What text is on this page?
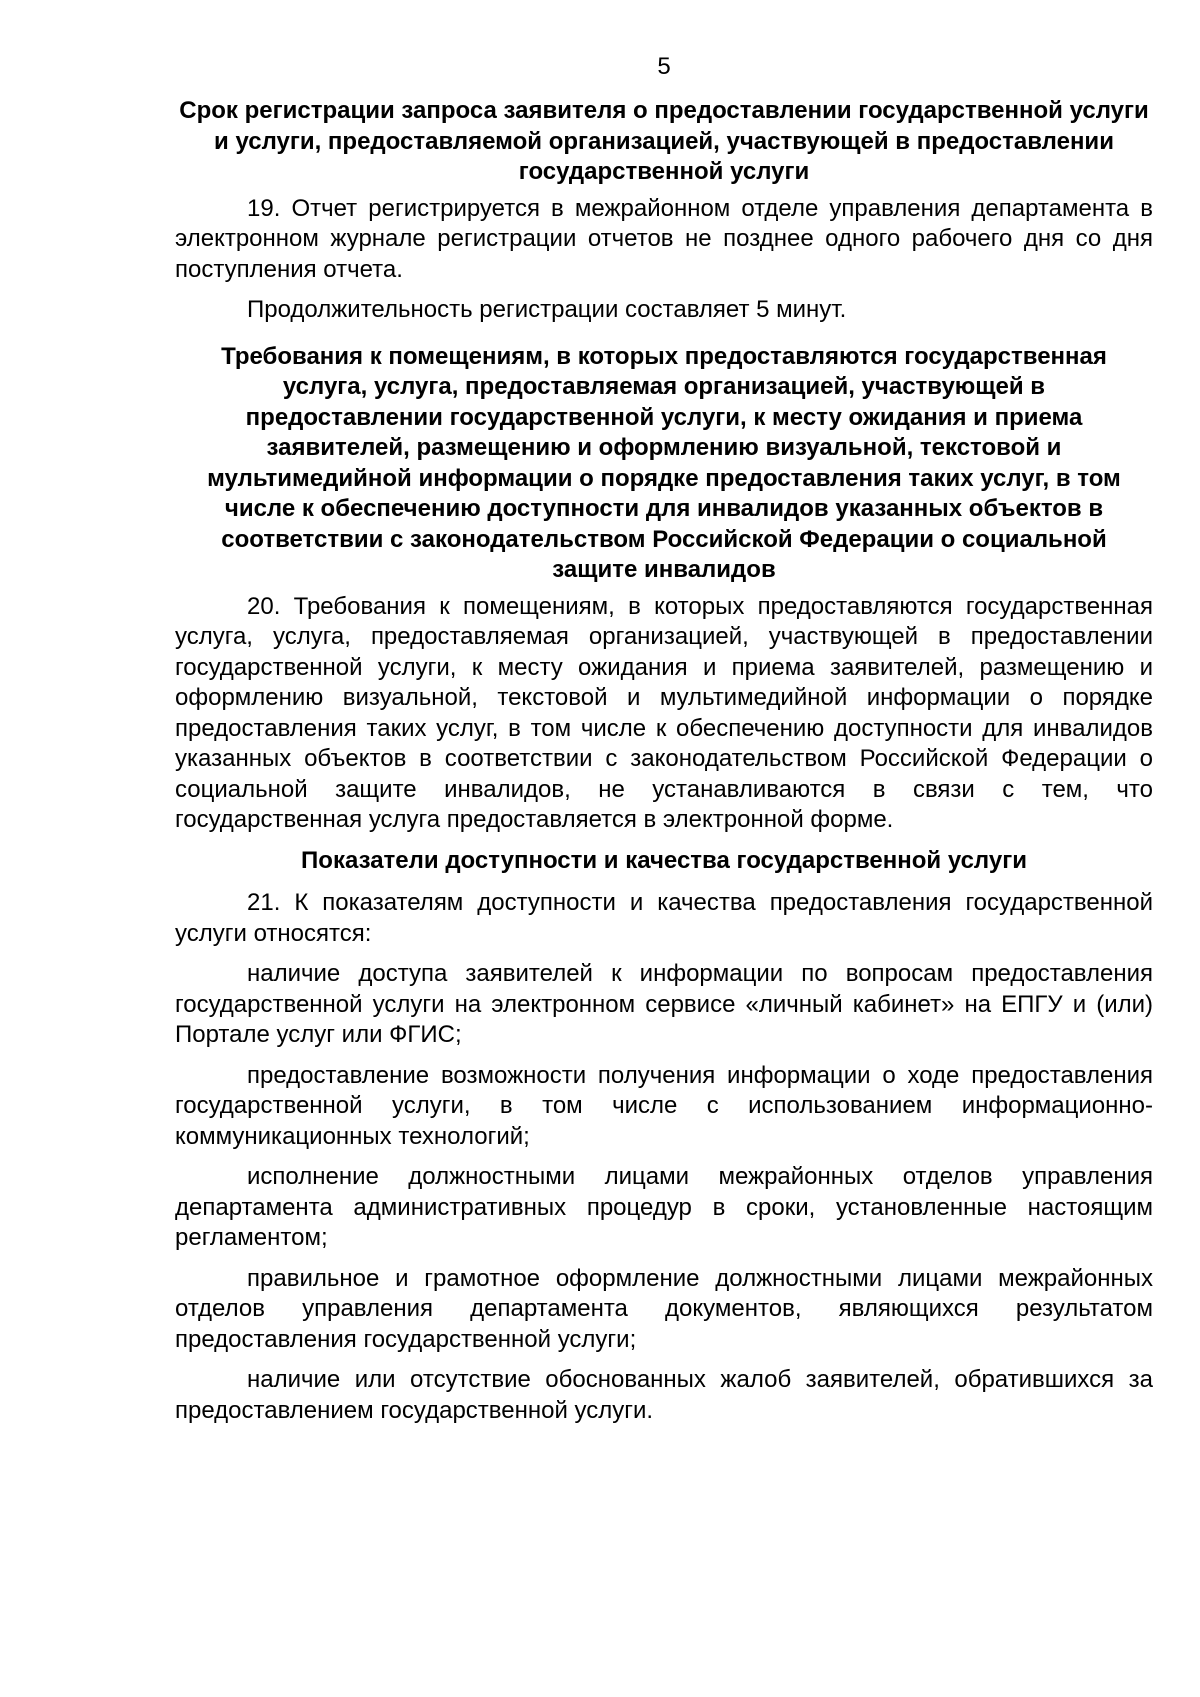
5
Срок регистрации запроса заявителя о предоставлении государственной услуги и услуги, предоставляемой организацией, участвующей в предоставлении государственной услуги

19. Отчет регистрируется в межрайонном отделе управления департамента в электронном журнале регистрации отчетов не позднее одного рабочего дня со дня поступления отчета.

Продолжительность регистрации составляет 5 минут.

Требования к помещениям, в которых предоставляются государственная услуга, услуга, предоставляемая организацией, участвующей в предоставлении государственной услуги, к месту ожидания и приема заявителей, размещению и оформлению визуальной, текстовой и мультимедийной информации о порядке предоставления таких услуг, в том числе к обеспечению доступности для инвалидов указанных объектов в соответствии с законодательством Российской Федерации о социальной защите инвалидов

20. Требования к помещениям, в которых предоставляются государственная услуга, услуга, предоставляемая организацией, участвующей в предоставлении государственной услуги, к месту ожидания и приема заявителей, размещению и оформлению визуальной, текстовой и мультимедийной информации о порядке предоставления таких услуг, в том числе к обеспечению доступности для инвалидов указанных объектов в соответствии с законодательством Российской Федерации о социальной защите инвалидов, не устанавливаются в связи с тем, что государственная услуга предоставляется в электронной форме.

Показатели доступности и качества государственной услуги

21. К показателям доступности и качества предоставления государственной услуги относятся:

наличие доступа заявителей к информации по вопросам предоставления государственной услуги на электронном сервисе «личный кабинет» на ЕПГУ и (или) Портале услуг или ФГИС;

предоставление возможности получения информации о ходе предоставления государственной услуги, в том числе с использованием информационно-коммуникационных технологий;

исполнение должностными лицами межрайонных отделов управления департамента административных процедур в сроки, установленные настоящим регламентом;

правильное и грамотное оформление должностными лицами межрайонных отделов управления департамента документов, являющихся результатом предоставления государственной услуги;

наличие или отсутствие обоснованных жалоб заявителей, обратившихся за предоставлением государственной услуги.
